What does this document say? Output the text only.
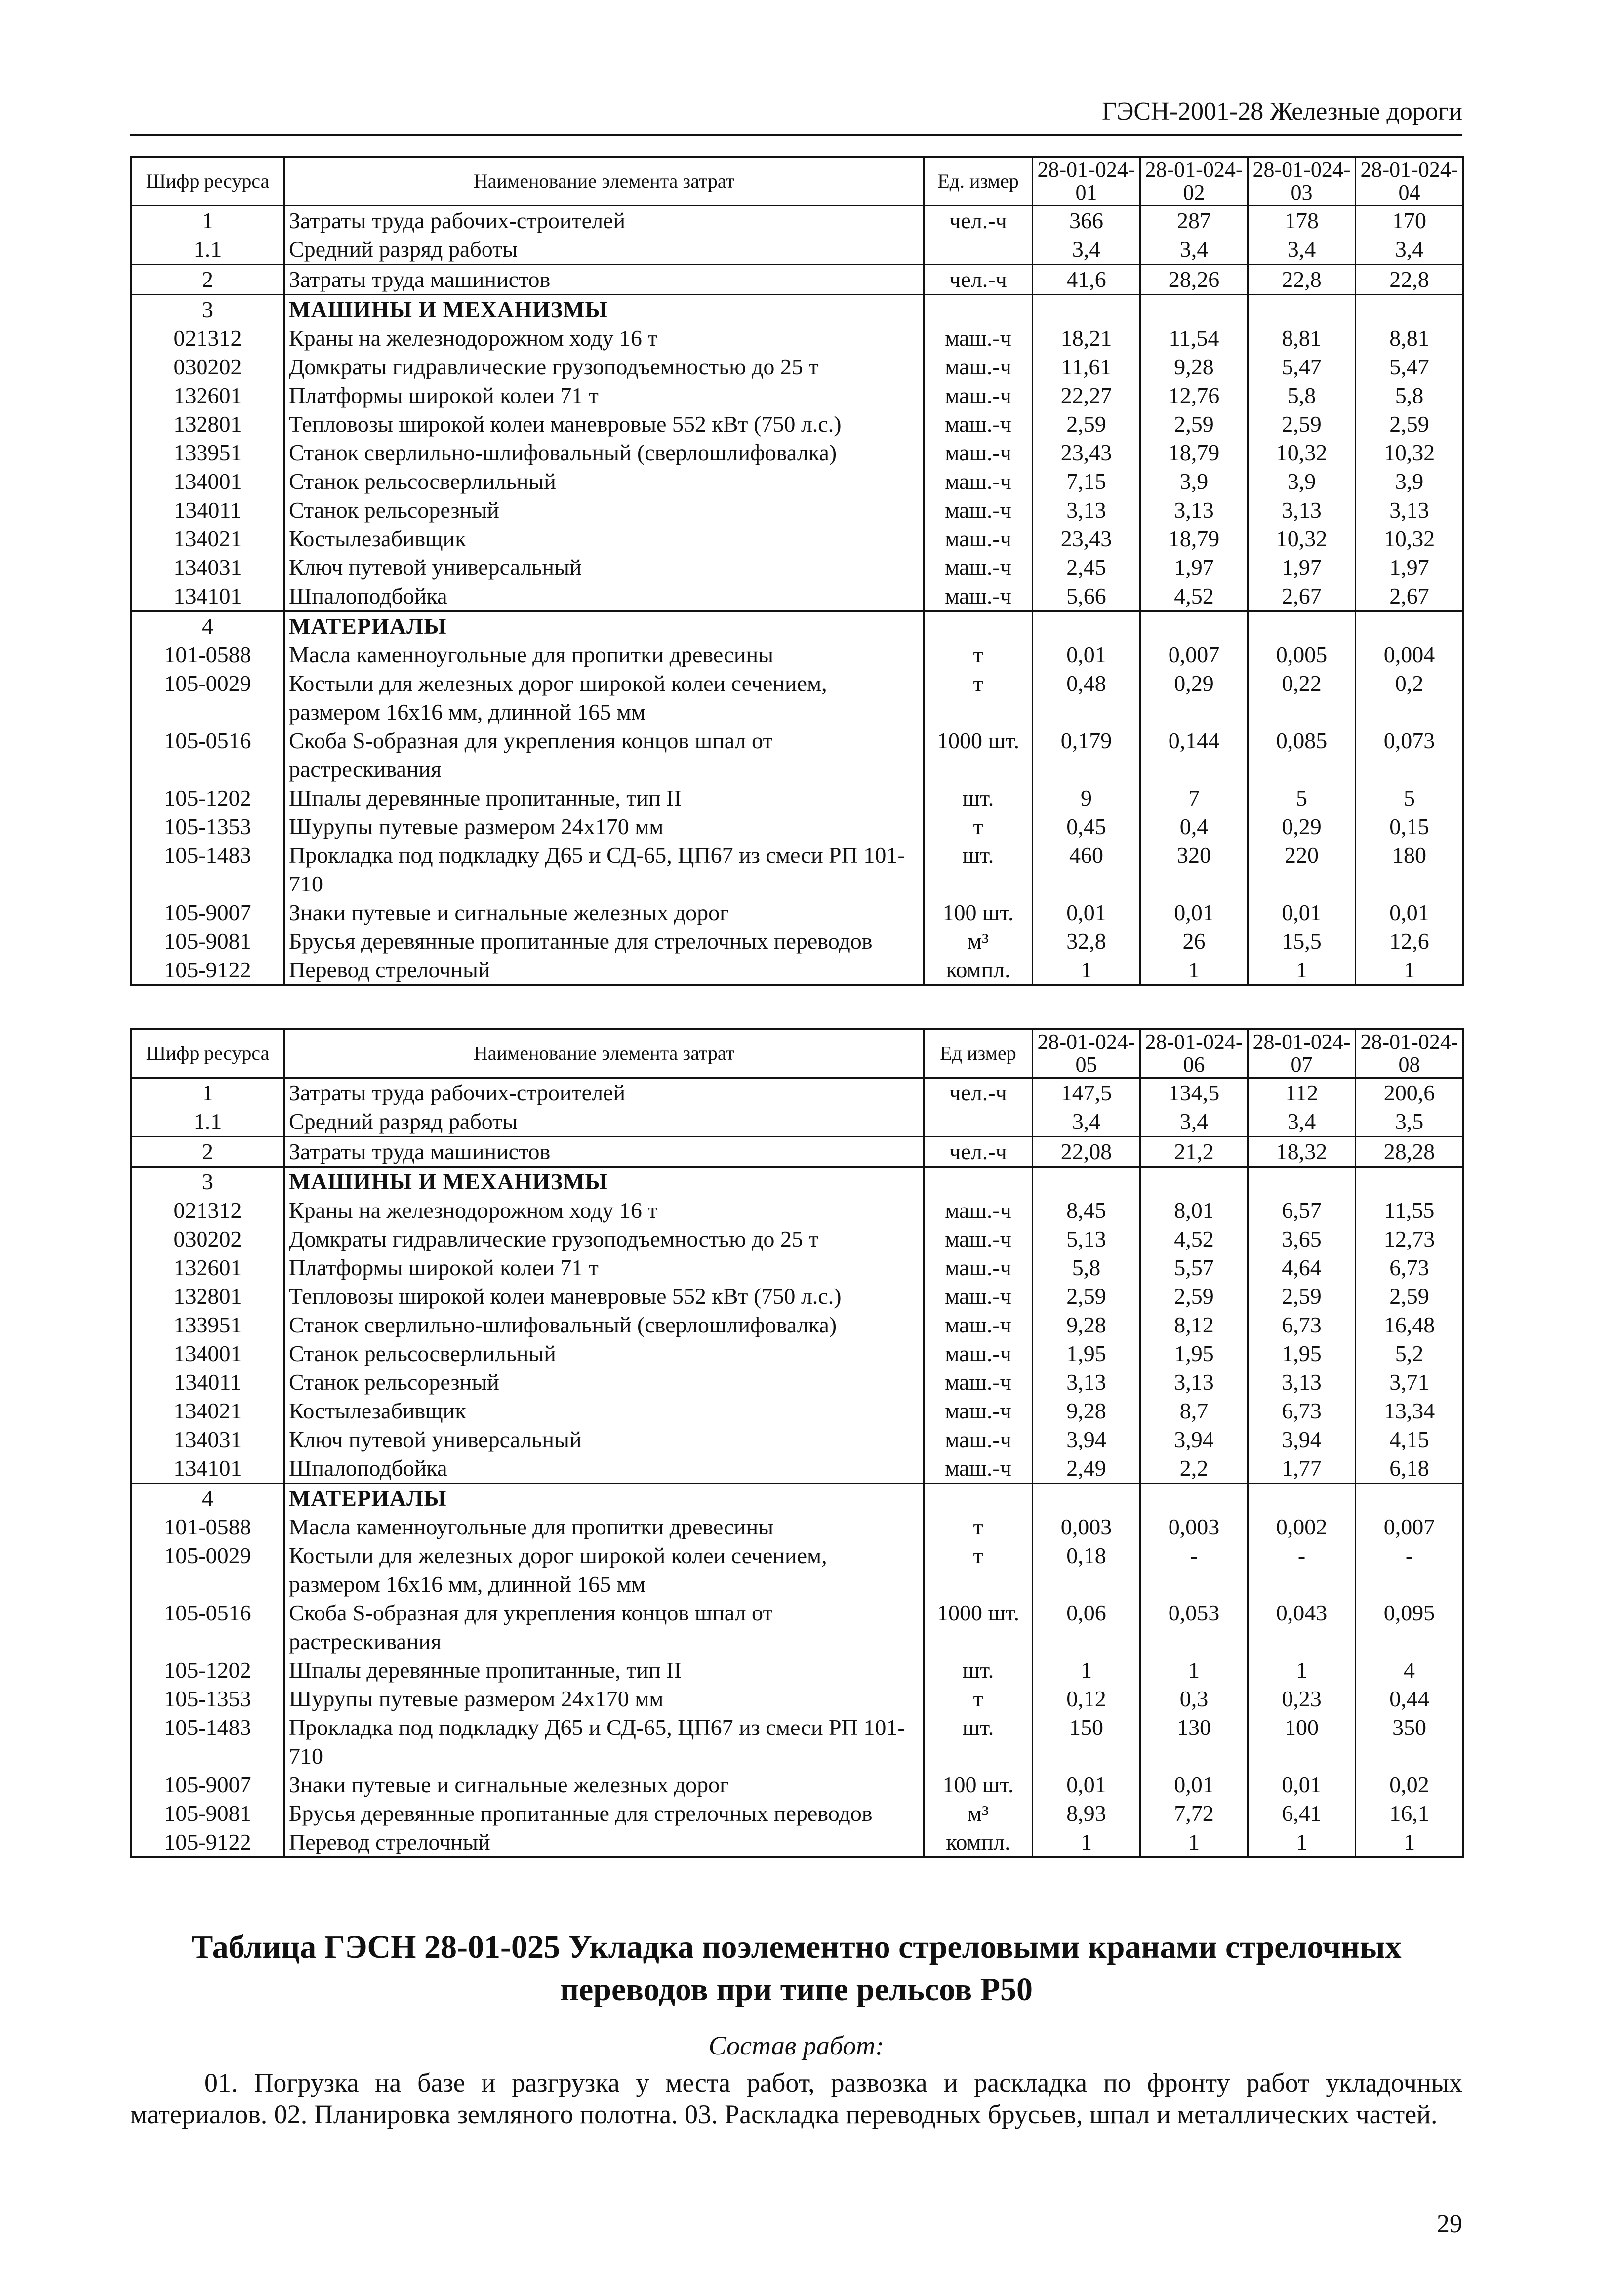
ГЭСН-2001-28 Железные дороги
Шифр ресурса	Наименование элемента затрат	Ед. измер	28-01-024-01	28-01-024-02	28-01-024-03	28-01-024-04
1	Затраты труда рабочих-строителей	чел.-ч	366	287	178	170
1.1	Средний разряд работы		3,4	3,4	3,4	3,4
2	Затраты труда машинистов	чел.-ч	41,6	28,26	22,8	22,8
3	МАШИНЫ И МЕХАНИЗМЫ					
021312	Краны на железнодорожном ходу 16 т	маш.-ч	18,21	11,54	8,81	8,81
030202	Домкраты гидравлические грузоподъемностью до 25 т	маш.-ч	11,61	9,28	5,47	5,47
132601	Платформы широкой колеи 71 т	маш.-ч	22,27	12,76	5,8	5,8
132801	Тепловозы широкой колеи маневровые 552 кВт (750 л.с.)	маш.-ч	2,59	2,59	2,59	2,59
133951	Станок сверлильно-шлифовальный (сверлошлифовалка)	маш.-ч	23,43	18,79	10,32	10,32
134001	Станок рельсосверлильный	маш.-ч	7,15	3,9	3,9	3,9
134011	Станок рельсорезный	маш.-ч	3,13	3,13	3,13	3,13
134021	Костылезабивщик	маш.-ч	23,43	18,79	10,32	10,32
134031	Ключ путевой универсальный	маш.-ч	2,45	1,97	1,97	1,97
134101	Шпалоподбойка	маш.-ч	5,66	4,52	2,67	2,67
4	МАТЕРИАЛЫ					
101-0588	Масла каменноугольные для пропитки древесины	т	0,01	0,007	0,005	0,004
105-0029	Костыли для железных дорог широкой колеи сечением, размером 16x16 мм, длинной 165 мм	т	0,48	0,29	0,22	0,2
105-0516	Скоба S-образная для укрепления концов шпал от растрескивания	1000 шт.	0,179	0,144	0,085	0,073
105-1202	Шпалы деревянные пропитанные, тип II	шт.	9	7	5	5
105-1353	Шурупы путевые размером 24x170 мм	т	0,45	0,4	0,29	0,15
105-1483	Прокладка под подкладку Д65 и СД-65, ЦП67 из смеси РП 101-710	шт.	460	320	220	180
105-9007	Знаки путевые и сигнальные железных дорог	100 шт.	0,01	0,01	0,01	0,01
105-9081	Брусья деревянные пропитанные для стрелочных переводов	м³	32,8	26	15,5	12,6
105-9122	Перевод стрелочный	компл.	1	1	1	1
Шифр ресурса	Наименование элемента затрат	Ед измер	28-01-024-05	28-01-024-06	28-01-024-07	28-01-024-08
1	Затраты труда рабочих-строителей	чел.-ч	147,5	134,5	112	200,6
1.1	Средний разряд работы		3,4	3,4	3,4	3,5
2	Затраты труда машинистов	чел.-ч	22,08	21,2	18,32	28,28
3	МАШИНЫ И МЕХАНИЗМЫ					
021312	Краны на железнодорожном ходу 16 т	маш.-ч	8,45	8,01	6,57	11,55
030202	Домкраты гидравлические грузоподъемностью до 25 т	маш.-ч	5,13	4,52	3,65	12,73
132601	Платформы широкой колеи 71 т	маш.-ч	5,8	5,57	4,64	6,73
132801	Тепловозы широкой колеи маневровые 552 кВт (750 л.с.)	маш.-ч	2,59	2,59	2,59	2,59
133951	Станок сверлильно-шлифовальный (сверлошлифовалка)	маш.-ч	9,28	8,12	6,73	16,48
134001	Станок рельсосверлильный	маш.-ч	1,95	1,95	1,95	5,2
134011	Станок рельсорезный	маш.-ч	3,13	3,13	3,13	3,71
134021	Костылезабивщик	маш.-ч	9,28	8,7	6,73	13,34
134031	Ключ путевой универсальный	маш.-ч	3,94	3,94	3,94	4,15
134101	Шпалоподбойка	маш.-ч	2,49	2,2	1,77	6,18
4	МАТЕРИАЛЫ					
101-0588	Масла каменноугольные для пропитки древесины	т	0,003	0,003	0,002	0,007
105-0029	Костыли для железных дорог широкой колеи сечением, размером 16x16 мм, длинной 165 мм	т	0,18	-	-	-
105-0516	Скоба S-образная для укрепления концов шпал от растрескивания	1000 шт.	0,06	0,053	0,043	0,095
105-1202	Шпалы деревянные пропитанные, тип II	шт.	1	1	1	4
105-1353	Шурупы путевые размером 24x170 мм	т	0,12	0,3	0,23	0,44
105-1483	Прокладка под подкладку Д65 и СД-65, ЦП67 из смеси РП 101-710	шт.	150	130	100	350
105-9007	Знаки путевые и сигнальные железных дорог	100 шт.	0,01	0,01	0,01	0,02
105-9081	Брусья деревянные пропитанные для стрелочных переводов	м³	8,93	7,72	6,41	16,1
105-9122	Перевод стрелочный	компл.	1	1	1	1
Таблица ГЭСН 28-01-025 Укладка поэлементно стреловыми кранами стрелочных переводов при типе рельсов Р50
Состав работ:

01. Погрузка на базе и разгрузка у места работ, развозка и раскладка по фронту работ укладочных материалов. 02. Планировка земляного полотна. 03. Раскладка переводных брусьев, шпал и металлических частей.

29
